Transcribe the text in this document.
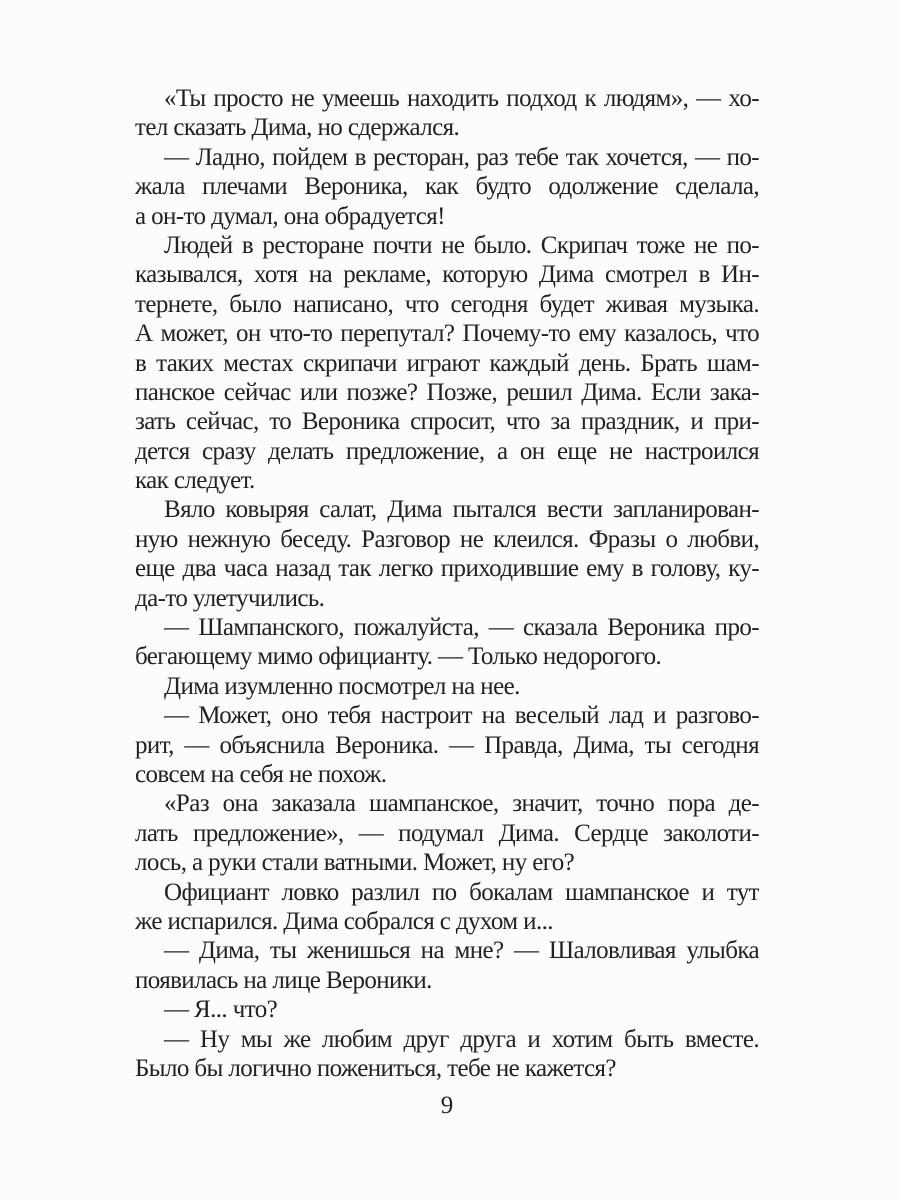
«Ты просто не умеешь находить подход к людям», — хо-
тел сказать Дима, но сдержался.

— Ладно, пойдем в ресторан, раз тебе так хочется, — по-
жала плечами Вероника, как будто одолжение сделала,
а он-то думал, она обрадуется!

Людей в ресторане почти не было. Скрипач тоже не по-
казывался, хотя на рекламе, которую Дима смотрел в Ин-
тернете, было написано, что сегодня будет живая музыка.
А может, он что-то перепутал? Почему-то ему казалось, что
в таких местах скрипачи играют каждый день. Брать шам-
панское сейчас или позже? Позже, решил Дима. Если зака-
зать сейчас, то Вероника спросит, что за праздник, и при-
дется сразу делать предложение, а он еще не настроился
как следует.

Вяло ковыряя салат, Дима пытался вести запланирован-
ную нежную беседу. Разговор не клеился. Фразы о любви,
еще два часа назад так легко приходившие ему в голову, ку-
да-то улетучились.

— Шампанского, пожалуйста, — сказала Вероника про-
бегающему мимо официанту. — Только недорогого.

Дима изумленно посмотрел на нее.

— Может, оно тебя настроит на веселый лад и разгово-
рит, — объяснила Вероника. — Правда, Дима, ты сегодня
совсем на себя не похож.

«Раз она заказала шампанское, значит, точно пора де-
лать предложение», — подумал Дима. Сердце заколоти-
лось, а руки стали ватными. Может, ну его?

Официант ловко разлил по бокалам шампанское и тут
же испарился. Дима собрался с духом и...

— Дима, ты женишься на мне? — Шаловливая улыбка
появилась на лице Вероники.

— Я... что?

— Ну мы же любим друг друга и хотим быть вместе.
Было бы логично пожениться, тебе не кажется?

9
